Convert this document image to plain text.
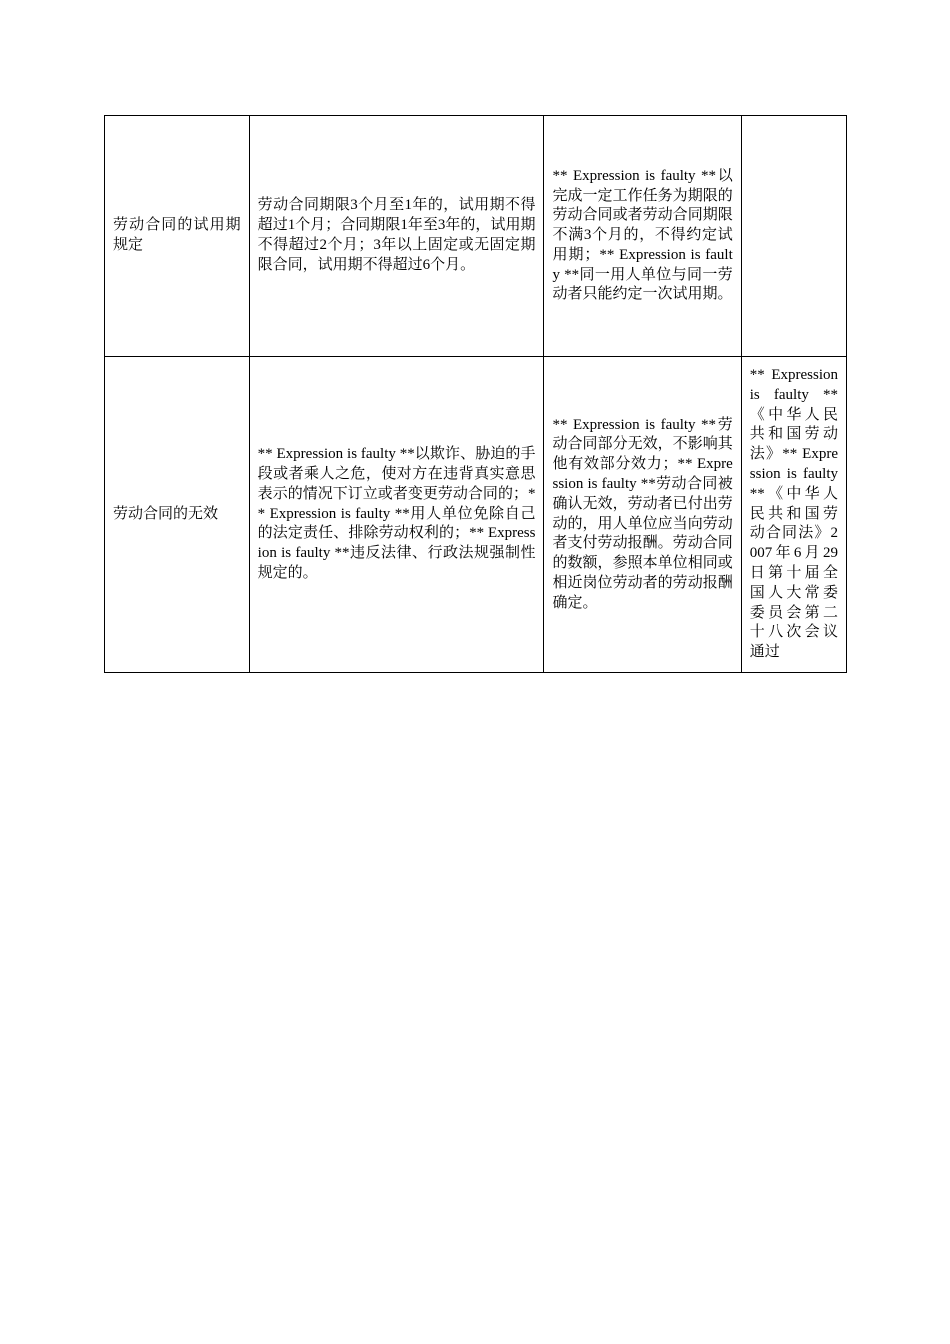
劳动合同的试用期规定	劳动合同期限3个月至1年的，试用期不得超过1个月；合同期限1年至3年的，试用期不得超过2个月；3年以上固定或无固定期限合同，试用期不得超过6个月。	** Expression is faulty **以完成一定工作任务为期限的劳动合同或者劳动合同期限不满3个月的，不得约定试用期；** Expression is faulty **同一用人单位与同一劳动者只能约定一次试用期。	
劳动合同的无效	** Expression is faulty **以欺诈、胁迫的手段或者乘人之危，使对方在违背真实意思表示的情况下订立或者变更劳动合同的；** Expression is faulty **用人单位免除自己的法定责任、排除劳动权利的；** Expression is faulty **违反法律、行政法规强制性规定的。	** Expression is faulty **劳动合同部分无效，不影响其他有效部分效力；** Expression is faulty **劳动合同被确认无效，劳动者已付出劳动的，用人单位应当向劳动者支付劳动报酬。劳动合同的数额，参照本单位相同或相近岗位劳动者的劳动报酬确定。	** Expression is faulty **《中华人民共和国劳动法》** Expression is faulty **《中华人民共和国劳动合同法》2007年6月29日第十届全国人大常委委员会第二十八次会议通过
